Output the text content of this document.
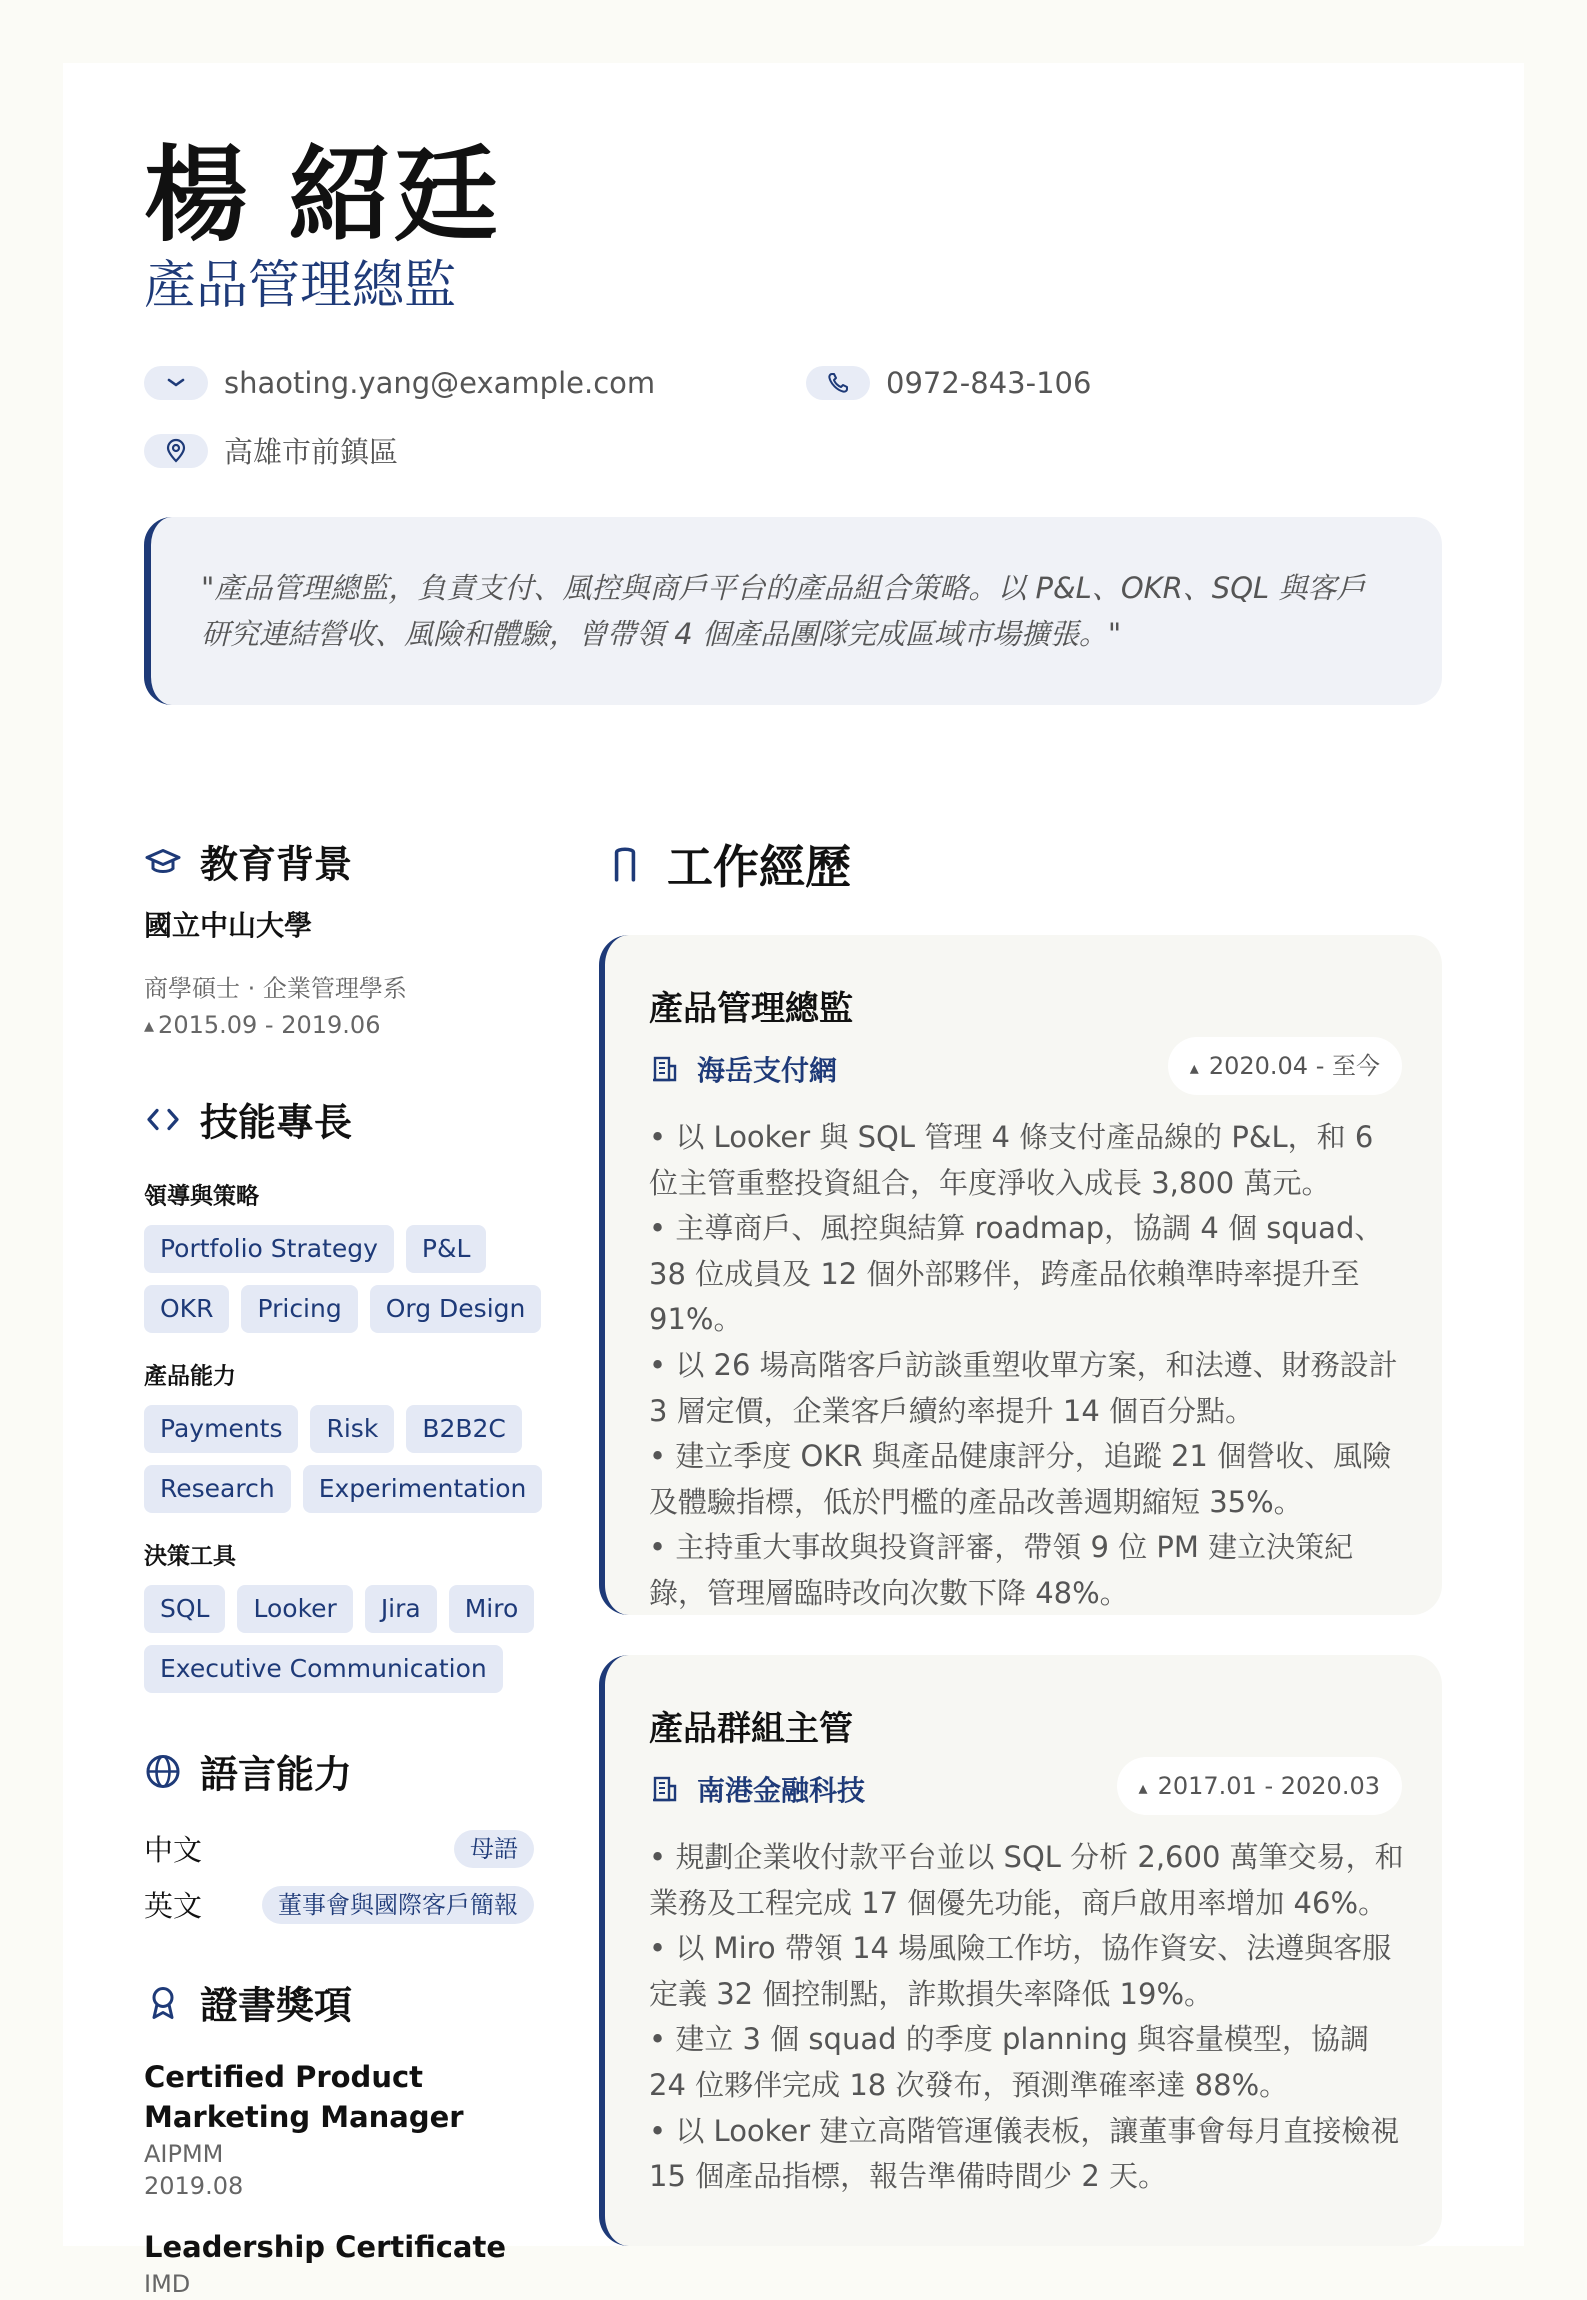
楊 紹廷
產品管理總監
shaoting.yang@example.com	0972-843-106
高雄市前鎮區

"產品管理總監，負責支付、風控與商戶平台的產品組合策略。以 P&L、OKR、SQL 與客戶研究連結營收、風險和體驗，曾帶領 4 個產品團隊完成區域市場擴張。"

教育背景
國立中山大學
商學碩士 · 企業管理學系
▴ 2015.09 - 2019.06
技能專長
領導與策略
Portfolio Strategy	P&L
OKR	Pricing	Org Design
產品能力
Payments	Risk	B2B2C
Research	Experimentation
決策工具
SQL	Looker	Jira	Miro
Executive Communication
語言能力
中文	母語
英文	董事會與國際客戶簡報
證書獎項
Certified Product Marketing Manager
AIPMM
2019.08
Leadership Certificate
IMD
工作經歷
產品管理總監
海岳支付網	▴ 2020.04 - 至今
• 以 Looker 與 SQL 管理 4 條支付產品線的 P&L，和 6 位主管重整投資組合，年度淨收入成長 3,800 萬元。
• 主導商戶、風控與結算 roadmap，協調 4 個 squad、38 位成員及 12 個外部夥伴，跨產品依賴準時率提升至 91%。
• 以 26 場高階客戶訪談重塑收單方案，和法遵、財務設計 3 層定價，企業客戶續約率提升 14 個百分點。
• 建立季度 OKR 與產品健康評分，追蹤 21 個營收、風險及體驗指標，低於門檻的產品改善週期縮短 35%。
• 主持重大事故與投資評審，帶領 9 位 PM 建立決策紀錄，管理層臨時改向次數下降 48%。
產品群組主管
南港金融科技	▴ 2017.01 - 2020.03
• 規劃企業收付款平台並以 SQL 分析 2,600 萬筆交易，和業務及工程完成 17 個優先功能，商戶啟用率增加 46%。
• 以 Miro 帶領 14 場風險工作坊，協作資安、法遵與客服定義 32 個控制點，詐欺損失率降低 19%。
• 建立 3 個 squad 的季度 planning 與容量模型，協調 24 位夥伴完成 18 次發布，預測準確率達 88%。
• 以 Looker 建立高階管運儀表板，讓董事會每月直接檢視 15 個產品指標，報告準備時間少 2 天。
